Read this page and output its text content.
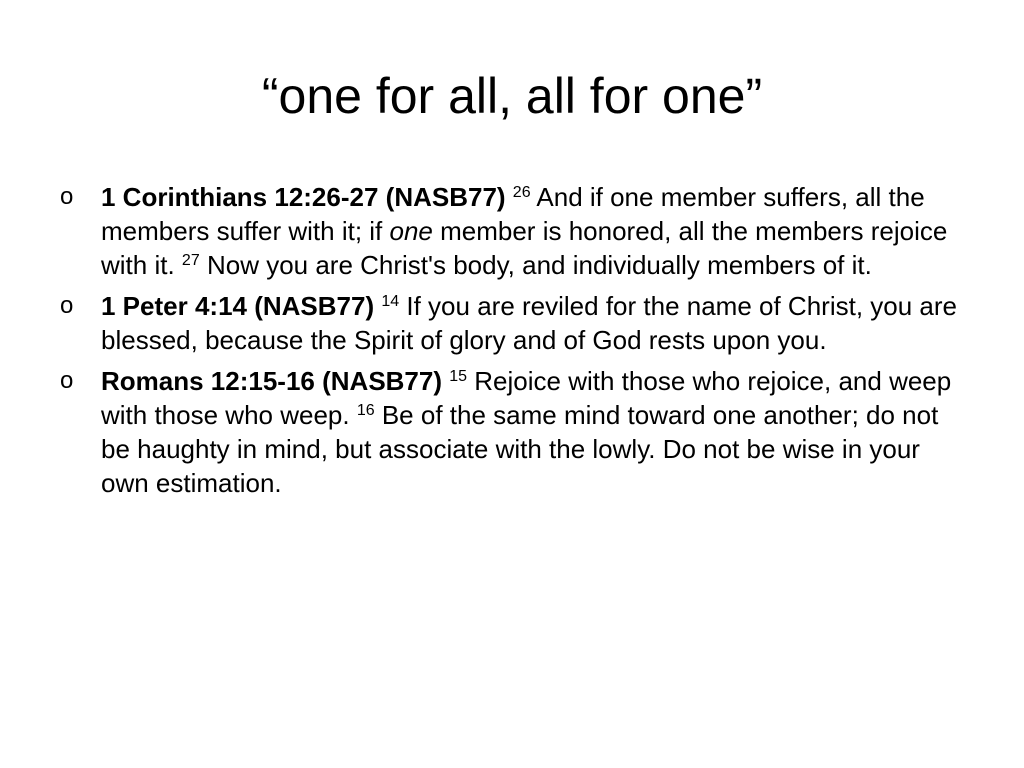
“one for all, all for one”
o 1 Corinthians 12:26-27 (NASB77) $^{26}$ And if one member suffers, all the members suffer with it; if one member is honored, all the members rejoice with it. $^{27}$ Now you are Christ's body, and individually members of it.
o 1 Peter 4:14 (NASB77) $^{14}$ If you are reviled for the name of Christ, you are blessed, because the Spirit of glory and of God rests upon you.
o Romans 12:15-16 (NASB77) $^{15}$ Rejoice with those who rejoice, and weep with those who weep. $^{16}$ Be of the same mind toward one another; do not be haughty in mind, but associate with the lowly. Do not be wise in your own estimation.
